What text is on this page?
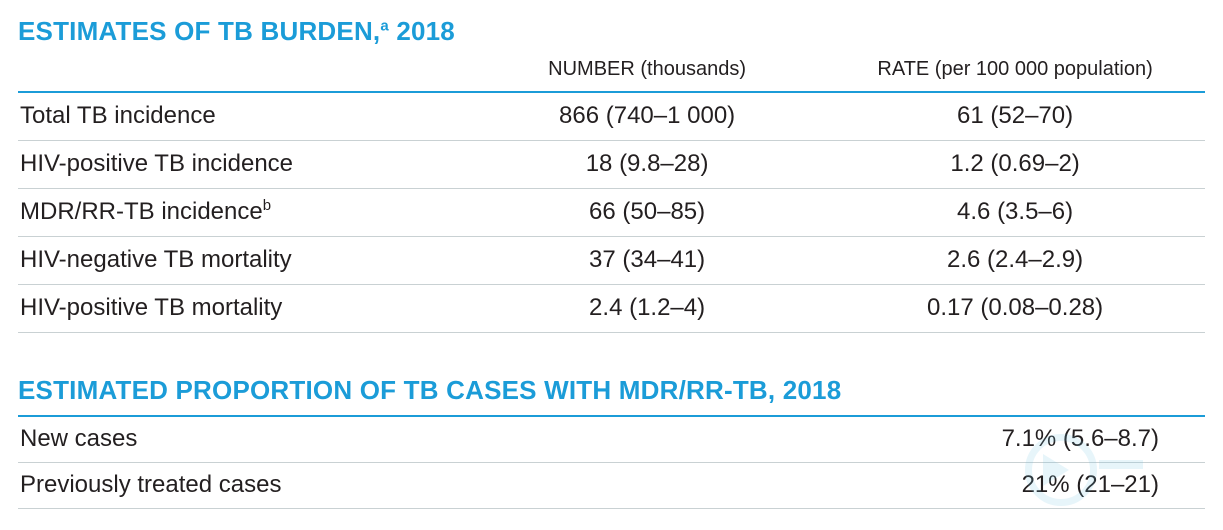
ESTIMATES OF TB BURDEN,$^a$ 2018
	NUMBER (thousands)	RATE (per 100 000 population)
Total TB incidence	866 (740–1 000)	61 (52–70)
HIV-positive TB incidence	18 (9.8–28)	1.2 (0.69–2)
MDR/RR-TB incidence$^b$	66 (50–85)	4.6 (3.5–6)
HIV-negative TB mortality	37 (34–41)	2.6 (2.4–2.9)
HIV-positive TB mortality	2.4 (1.2–4)	0.17 (0.08–0.28)
ESTIMATED PROPORTION OF TB CASES WITH MDR/RR-TB, 2018
New cases	7.1% (5.6–8.7)
Previously treated cases	21% (21–21)
